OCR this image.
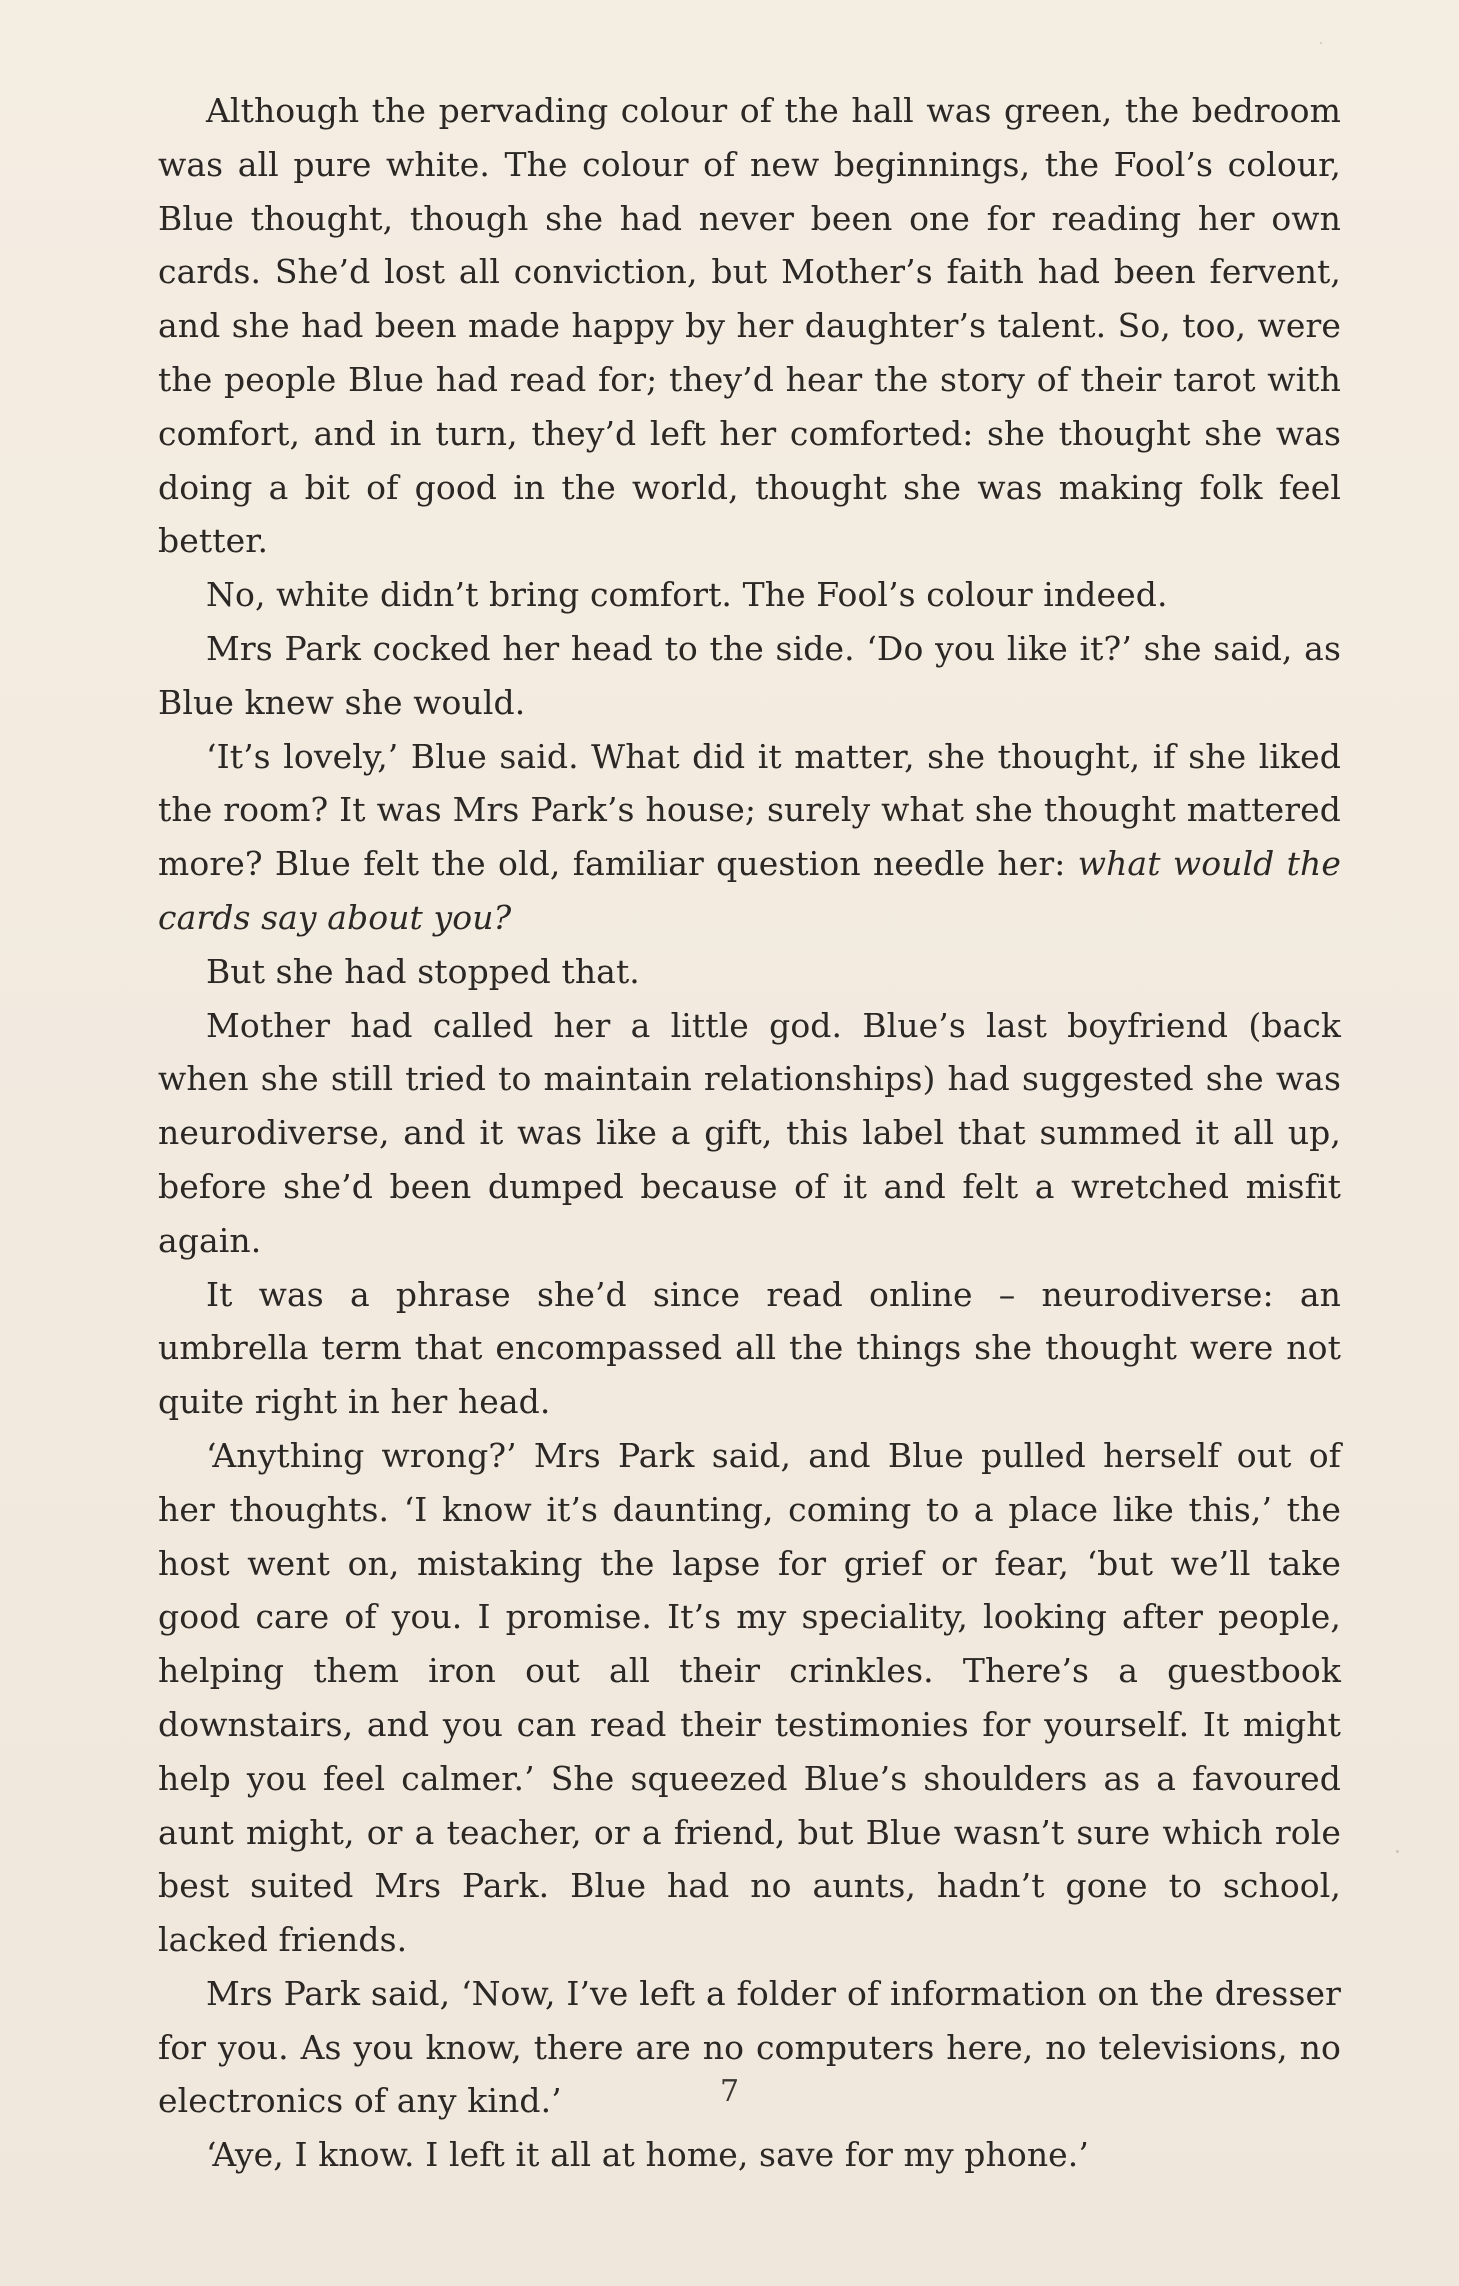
Although the pervading colour of the hall was green, the bedroom was all pure white. The colour of new beginnings, the Fool’s colour, Blue thought, though she had never been one for reading her own cards. She’d lost all conviction, but Mother’s faith had been fervent, and she had been made happy by her daughter’s talent. So, too, were the people Blue had read for; they’d hear the story of their tarot with comfort, and in turn, they’d left her comforted: she thought she was doing a bit of good in the world, thought she was making folk feel better.

No, white didn’t bring comfort. The Fool’s colour indeed.

Mrs Park cocked her head to the side. ‘Do you like it?’ she said, as Blue knew she would.

‘It’s lovely,’ Blue said. What did it matter, she thought, if she liked the room? It was Mrs Park’s house; surely what she thought mattered more? Blue felt the old, familiar question needle her: what would the cards say about you?

But she had stopped that.

Mother had called her a little god. Blue’s last boyfriend (back when she still tried to maintain relationships) had suggested she was neurodiverse, and it was like a gift, this label that summed it all up, before she’d been dumped because of it and felt a wretched misfit again.

It was a phrase she’d since read online – neurodiverse: an umbrella term that encompassed all the things she thought were not quite right in her head.

‘Anything wrong?’ Mrs Park said, and Blue pulled herself out of her thoughts. ‘I know it’s daunting, coming to a place like this,’ the host went on, mistaking the lapse for grief or fear, ‘but we’ll take good care of you. I promise. It’s my speciality, looking after people, helping them iron out all their crinkles. There’s a guestbook downstairs, and you can read their testimonies for yourself. It might help you feel calmer.’ She squeezed Blue’s shoulders as a favoured aunt might, or a teacher, or a friend, but Blue wasn’t sure which role best suited Mrs Park. Blue had no aunts, hadn’t gone to school, lacked friends.

Mrs Park said, ‘Now, I’ve left a folder of information on the dresser for you. As you know, there are no computers here, no televisions, no electronics of any kind.’

‘Aye, I know. I left it all at home, save for my phone.’

7
